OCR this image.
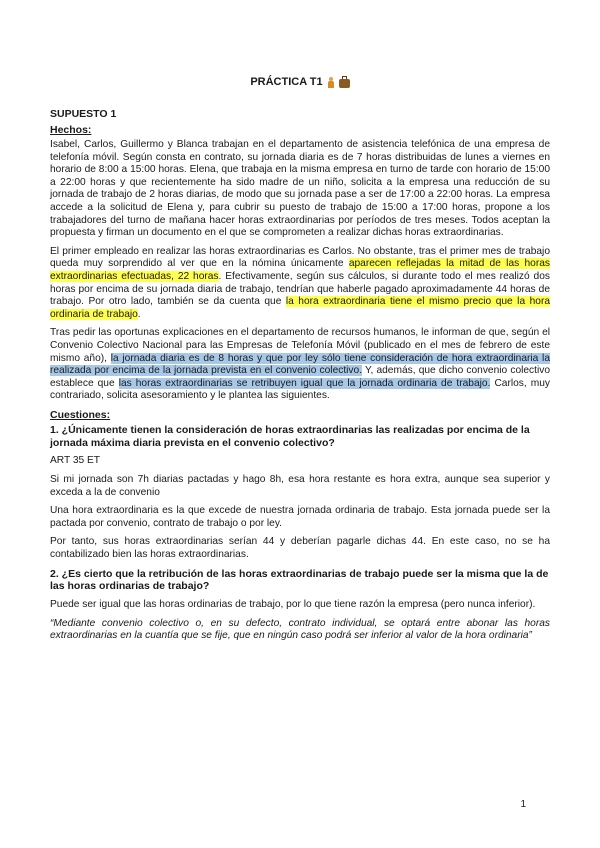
PRÁCTICA T1
SUPUESTO 1
Hechos:

Isabel, Carlos, Guillermo y Blanca trabajan en el departamento de asistencia telefónica de una empresa de telefonía móvil. Según consta en contrato, su jornada diaria es de 7 horas distribuidas de lunes a viernes en horario de 8:00 a 15:00 horas. Elena, que trabaja en la misma empresa en turno de tarde con horario de 15:00 a 22:00 horas y que recientemente ha sido madre de un niño, solicita a la empresa una reducción de su jornada de trabajo de 2 horas diarias, de modo que su jornada pase a ser de 17:00 a 22:00 horas. La empresa accede a la solicitud de Elena y, para cubrir su puesto de trabajo de 15:00 a 17:00 horas, propone a los trabajadores del turno de mañana hacer horas extraordinarias por períodos de tres meses. Todos aceptan la propuesta y firman un documento en el que se comprometen a realizar dichas horas extraordinarias.

El primer empleado en realizar las horas extraordinarias es Carlos. No obstante, tras el primer mes de trabajo queda muy sorprendido al ver que en la nómina únicamente aparecen reflejadas la mitad de las horas extraordinarias efectuadas, 22 horas. Efectivamente, según sus cálculos, si durante todo el mes realizó dos horas por encima de su jornada diaria de trabajo, tendrían que haberle pagado aproximadamente 44 horas de trabajo. Por otro lado, también se da cuenta que la hora extraordinaria tiene el mismo precio que la hora ordinaria de trabajo.

Tras pedir las oportunas explicaciones en el departamento de recursos humanos, le informan de que, según el Convenio Colectivo Nacional para las Empresas de Telefonía Móvil (publicado en el mes de febrero de este mismo año), la jornada diaria es de 8 horas y que por ley sólo tiene consideración de hora extraordinaria la realizada por encima de la jornada prevista en el convenio colectivo. Y, además, que dicho convenio colectivo establece que las horas extraordinarias se retribuyen igual que la jornada ordinaria de trabajo. Carlos, muy contrariado, solicita asesoramiento y le plantea las siguientes.

Cuestiones:
1. ¿Únicamente tienen la consideración de horas extraordinarias las realizadas por encima de la jornada máxima diaria prevista en el convenio colectivo?

ART 35 ET

Si mi jornada son 7h diarias pactadas y hago 8h, esa hora restante es hora extra, aunque sea superior y exceda a la de convenio

Una hora extraordinaria es la que excede de nuestra jornada ordinaria de trabajo. Esta jornada puede ser la pactada por convenio, contrato de trabajo o por ley.

Por tanto, sus horas extraordinarias serían 44 y deberían pagarle dichas 44. En este caso, no se ha contabilizado bien las horas extraordinarias.

2. ¿Es cierto que la retribución de las horas extraordinarias de trabajo puede ser la misma que la de las horas ordinarias de trabajo?

Puede ser igual que las horas ordinarias de trabajo, por lo que tiene razón la empresa (pero nunca inferior).

“Mediante convenio colectivo o, en su defecto, contrato individual, se optará entre abonar las horas extraordinarias en la cuantía que se fije, que en ningún caso podrá ser inferior al valor de la hora ordinaria”

1
